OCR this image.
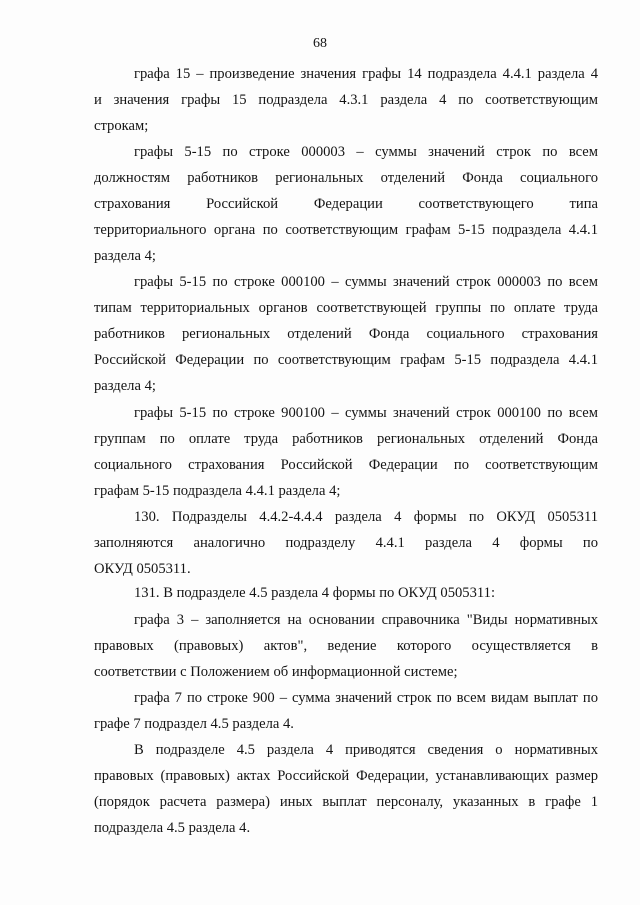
68

графа 15 – произведение значения графы 14 подраздела 4.4.1 раздела 4
и значения графы 15 подраздела 4.3.1 раздела 4 по соответствующим
строкам;

графы 5-15 по строке 000003 – суммы значений строк по всем
должностям работников региональных отделений Фонда социального
страхования Российской Федерации соответствующего типа
территориального органа по соответствующим графам 5-15 подраздела 4.4.1
раздела 4;

графы 5-15 по строке 000100 – суммы значений строк 000003 по всем
типам территориальных органов соответствующей группы по оплате труда
работников региональных отделений Фонда социального страхования
Российской Федерации по соответствующим графам 5-15 подраздела 4.4.1
раздела 4;

графы 5-15 по строке 900100 – суммы значений строк 000100 по всем
группам по оплате труда работников региональных отделений Фонда
социального страхования Российской Федерации по соответствующим
графам 5-15 подраздела 4.4.1 раздела 4;

130. Подразделы 4.4.2-4.4.4 раздела 4 формы по ОКУД 0505311
заполняются аналогично подразделу 4.4.1 раздела 4 формы по
ОКУД 0505311.

131. В подразделе 4.5 раздела 4 формы по ОКУД 0505311:

графа 3 – заполняется на основании справочника "Виды нормативных
правовых (правовых) актов", ведение которого осуществляется в
соответствии с Положением об информационной системе;

графа 7 по строке 900 – сумма значений строк по всем видам выплат по
графе 7 подраздел 4.5 раздела 4.

В подразделе 4.5 раздела 4 приводятся сведения о нормативных
правовых (правовых) актах Российской Федерации, устанавливающих размер
(порядок расчета размера) иных выплат персоналу, указанных в графе 1
подраздела 4.5 раздела 4.
